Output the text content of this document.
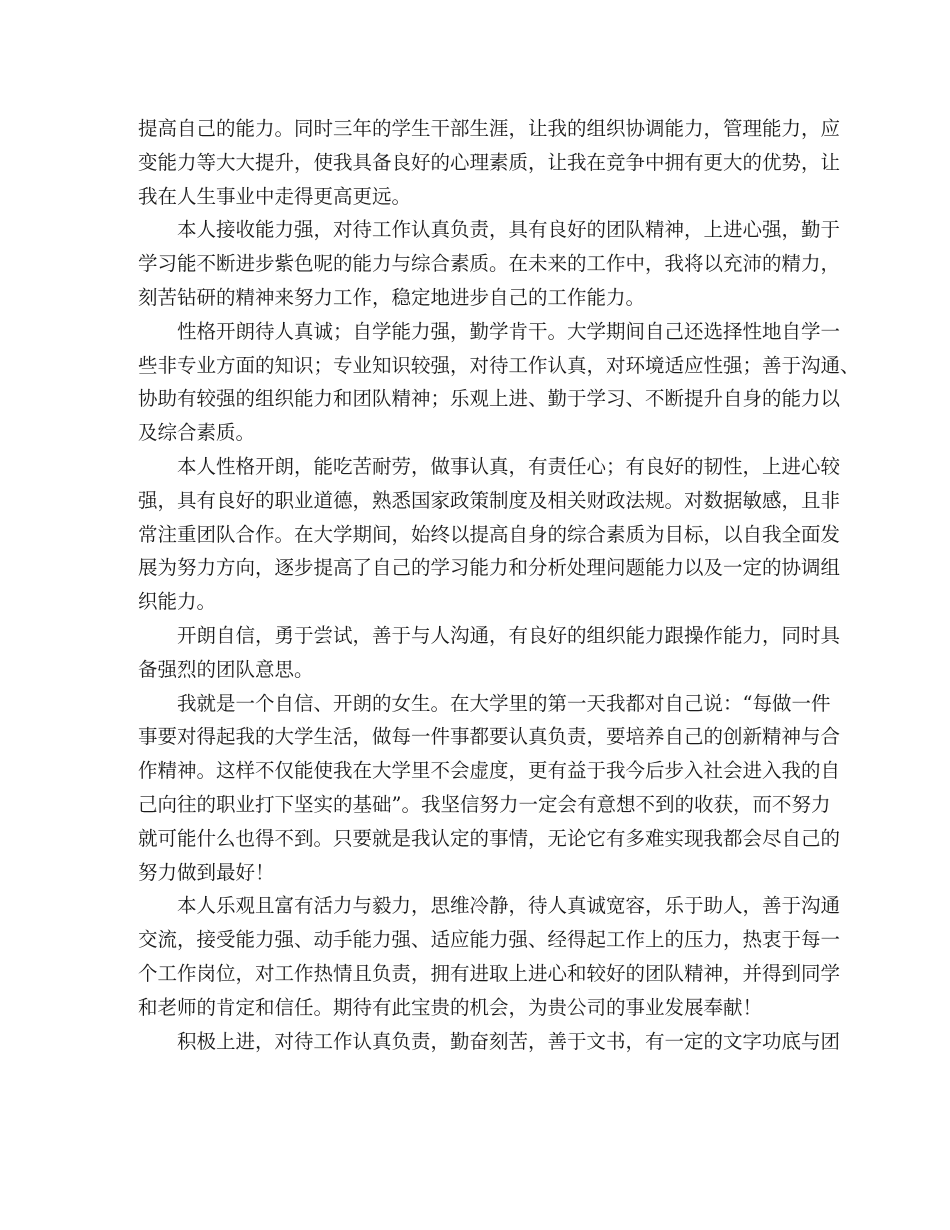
提高自己的能力。同时三年的学生干部生涯，让我的组织协调能力，管理能力，应
变能力等大大提升，使我具备良好的心理素质，让我在竞争中拥有更大的优势，让
我在人生事业中走得更高更远。
本人接收能力强，对待工作认真负责，具有良好的团队精神，上进心强，勤于
学习能不断进步紫色呢的能力与综合素质。在未来的工作中，我将以充沛的精力，
刻苦钻研的精神来努力工作，稳定地进步自己的工作能力。
性格开朗待人真诚；自学能力强，勤学肯干。大学期间自己还选择性地自学一
些非专业方面的知识；专业知识较强，对待工作认真，对环境适应性强；善于沟通、
协助有较强的组织能力和团队精神；乐观上进、勤于学习、不断提升自身的能力以
及综合素质。
本人性格开朗，能吃苦耐劳，做事认真，有责任心；有良好的韧性，上进心较
强，具有良好的职业道德，熟悉国家政策制度及相关财政法规。对数据敏感，且非
常注重团队合作。在大学期间，始终以提高自身的综合素质为目标，以自我全面发
展为努力方向，逐步提高了自己的学习能力和分析处理问题能力以及一定的协调组
织能力。
开朗自信，勇于尝试，善于与人沟通，有良好的组织能力跟操作能力，同时具
备强烈的团队意思。
我就是一个自信、开朗的女生。在大学里的第一天我都对自己说：“每做一件
事要对得起我的大学生活，做每一件事都要认真负责，要培养自己的创新精神与合
作精神。这样不仅能使我在大学里不会虚度，更有益于我今后步入社会进入我的自
己向往的职业打下坚实的基础”。我坚信努力一定会有意想不到的收获，而不努力
就可能什么也得不到。只要就是我认定的事情，无论它有多难实现我都会尽自己的
努力做到最好！
本人乐观且富有活力与毅力，思维冷静，待人真诚宽容，乐于助人，善于沟通
交流，接受能力强、动手能力强、适应能力强、经得起工作上的压力，热衷于每一
个工作岗位，对工作热情且负责，拥有进取上进心和较好的团队精神，并得到同学
和老师的肯定和信任。期待有此宝贵的机会，为贵公司的事业发展奉献！
积极上进，对待工作认真负责，勤奋刻苦，善于文书，有一定的文字功底与团
